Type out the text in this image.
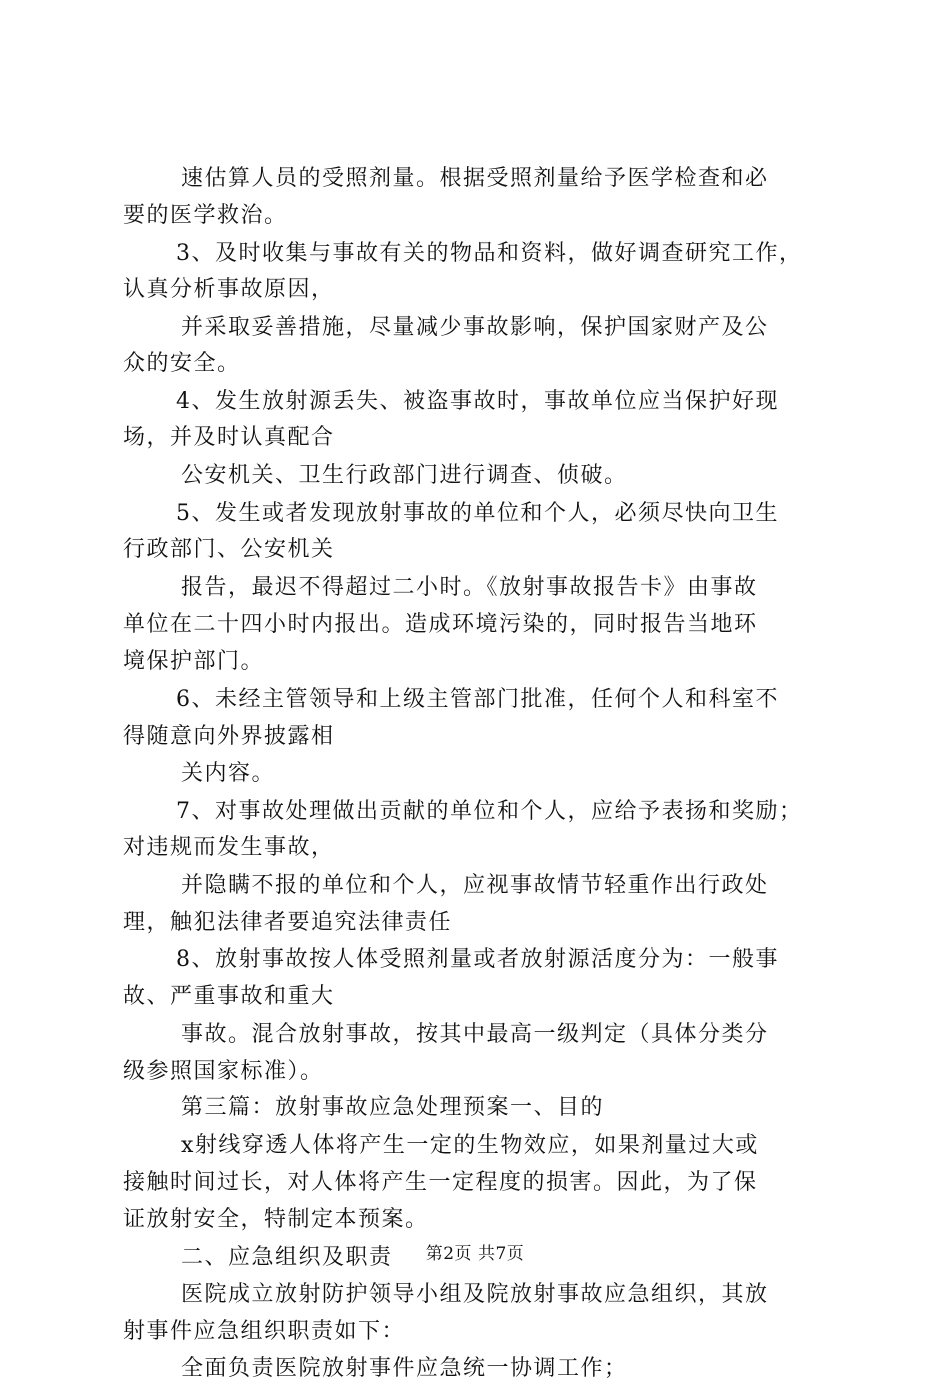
速估算人员的受照剂量。根据受照剂量给予医学检查和必
要的医学救治。
3、及时收集与事故有关的物品和资料，做好调查研究工作，
认真分析事故原因，
并采取妥善措施，尽量减少事故影响，保护国家财产及公
众的安全。
4、发生放射源丢失、被盗事故时，事故单位应当保护好现
场，并及时认真配合
公安机关、卫生行政部门进行调查、侦破。
5、发生或者发现放射事故的单位和个人，必须尽快向卫生
行政部门、公安机关
报告，最迟不得超过二小时。《放射事故报告卡》由事故
单位在二十四小时内报出。造成环境污染的，同时报告当地环
境保护部门。
6、未经主管领导和上级主管部门批准，任何个人和科室不
得随意向外界披露相
关内容。
7、对事故处理做出贡献的单位和个人，应给予表扬和奖励；
对违规而发生事故，
并隐瞒不报的单位和个人，应视事故情节轻重作出行政处
理，触犯法律者要追究法律责任
8、放射事故按人体受照剂量或者放射源活度分为：一般事
故、严重事故和重大
事故。混合放射事故，按其中最高一级判定（具体分类分
级参照国家标准）。
第三篇：放射事故应急处理预案一、目的
x射线穿透人体将产生一定的生物效应，如果剂量过大或
接触时间过长，对人体将产生一定程度的损害。因此，为了保
证放射安全，特制定本预案。
二、应急组织及职责
医院成立放射防护领导小组及院放射事故应急组织，其放
射事件应急组织职责如下：
全面负责医院放射事件应急统一协调工作；
第2页 共7页
